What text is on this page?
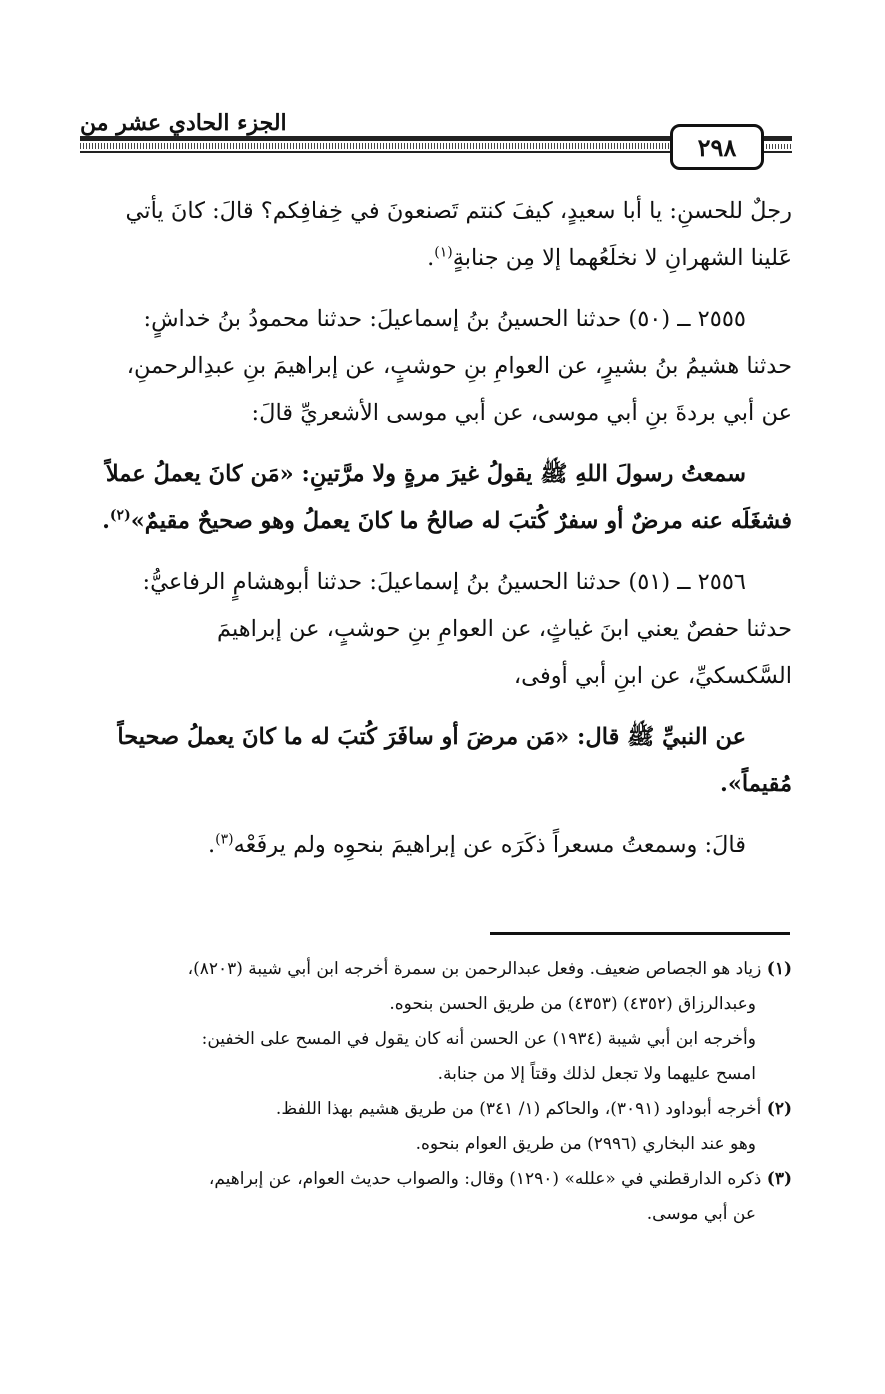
الجزء الحادي عشر من
٢٩٨

رجلٌ للحسنِ: يا أبا سعيدٍ، كيفَ كنتم تَصنعونَ في خِفافِكم؟ قالَ: كانَ يأتي
عَلينا الشهرانِ لا نخلَعُهما إلا مِن جنابةٍ$^{(١)}$.

٢٥٥٥ ــ (٥٠) حدثنا الحسينُ بنُ إسماعيلَ: حدثنا محمودُ بنُ خداشٍ:
حدثنا هشيمُ بنُ بشيرٍ، عن العوامِ بنِ حوشبٍ، عن إبراهيمَ بنِ عبدِالرحمنِ،
عن أبي بردةَ بنِ أبي موسى، عن أبي موسى الأشعريِّ قالَ:

سمعتُ رسولَ اللهِ ﷺ يقولُ غيرَ مرةٍ ولا مرَّتينِ: «مَن كانَ يعملُ عملاً
فشغَلَه عنه مرضٌ أو سفرٌ كُتبَ له صالحُ ما كانَ يعملُ وهو صحيحٌ مقيمٌ»$^{(٢)}$.

٢٥٥٦ ــ (٥١) حدثنا الحسينُ بنُ إسماعيلَ: حدثنا أبوهشامٍ الرفاعيُّ:
حدثنا حفصٌ يعني ابنَ غياثٍ، عن العوامِ بنِ حوشبٍ، عن إبراهيمَ
السَّكسكيِّ، عن ابنِ أبي أوفى،

عن النبيِّ ﷺ قال: «مَن مرضَ أو سافَرَ كُتبَ له ما كانَ يعملُ صحيحاً
مُقيماً».

قالَ: وسمعتُ مسعراً ذكَرَه عن إبراهيمَ بنحوِه ولم يرفَعْه$^{(٣)}$.

(١) زياد هو الجصاص ضعيف. وفعل عبدالرحمن بن سمرة أخرجه ابن أبي شيبة (٨٢٠٣)،

وعبدالرزاق (٤٣٥٢) (٤٣٥٣) من طريق الحسن بنحوه.

وأخرجه ابن أبي شيبة (١٩٣٤) عن الحسن أنه كان يقول في المسح على الخفين:

امسح عليهما ولا تجعل لذلك وقتاً إلا من جنابة.

(٢) أخرجه أبوداود (٣٠٩١)، والحاكم (١/ ٣٤١) من طريق هشيم بهذا اللفظ.

وهو عند البخاري (٢٩٩٦) من طريق العوام بنحوه.

(٣) ذكره الدارقطني في «علله» (١٢٩٠) وقال: والصواب حديث العوام، عن إبراهيم،

عن أبي موسى.
